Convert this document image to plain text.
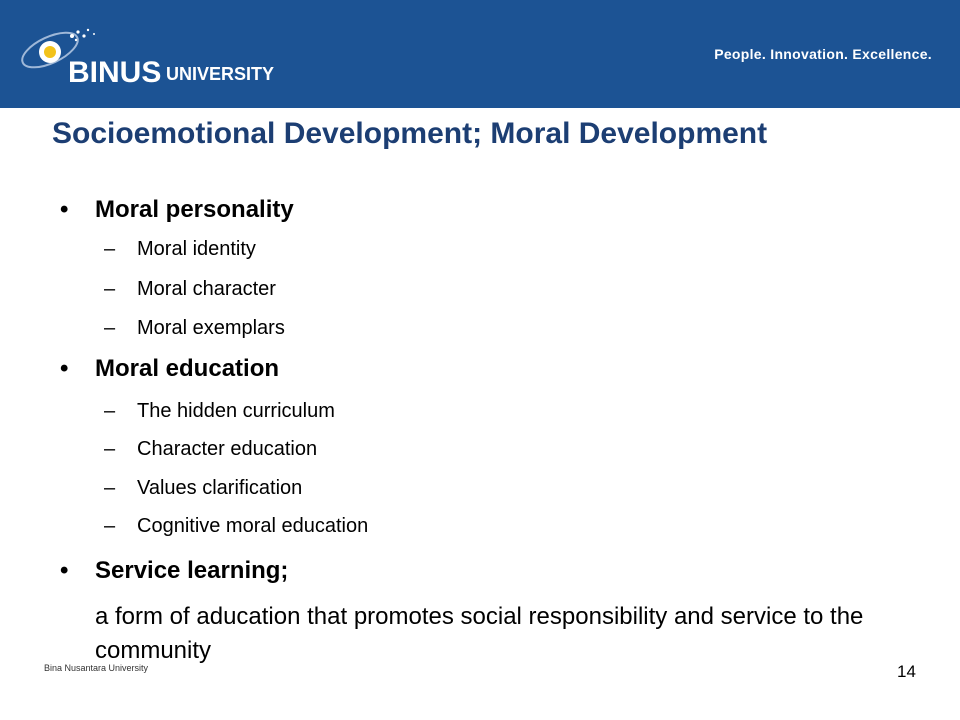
BINUS UNIVERSITY
People. Innovation. Excellence.
Socioemotional Development; Moral Development
• Moral personality
– Moral identity
– Moral character
– Moral exemplars
• Moral education
– The hidden curriculum
– Character education
– Values clarification
– Cognitive moral education
• Service learning;
a form of aducation that promotes social responsibility and service to the community
Bina Nusantara University	14
